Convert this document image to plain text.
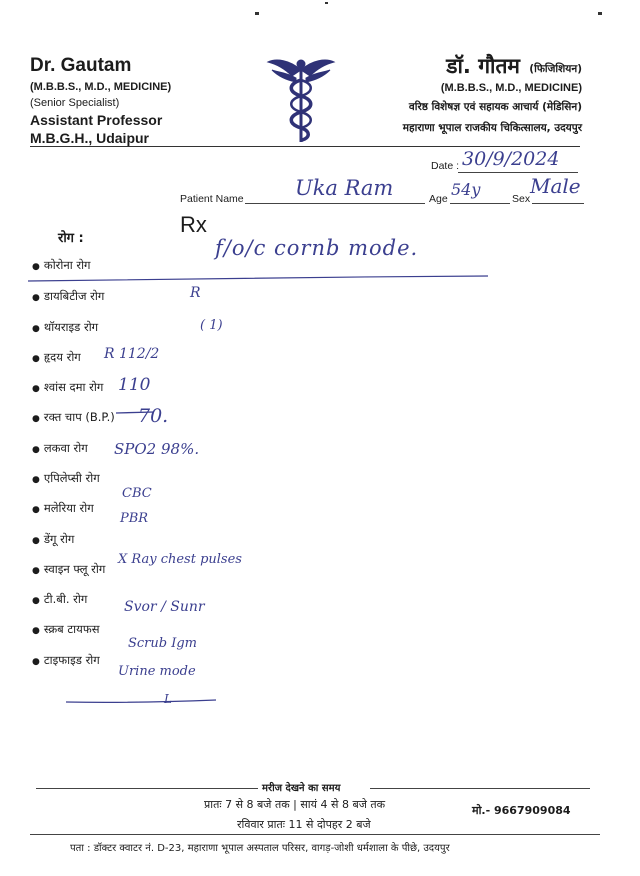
Dr. Gautam
(M.B.B.S., M.D., MEDICINE)
(Senior Specialist)
Assistant Professor
M.B.G.H., Udaipur
डॉ. गौतम (फिजिशियन)
(M.B.B.S., M.D., MEDICINE)
वरिष्ठ विशेषज्ञ एवं सहायक आचार्य (मेडिसिन)
महाराणा भूपाल राजकीय चिकित्सालय, उदयपुर
Date : 30/9/2024
Patient Name Uka Ram	Age 54y	Sex
Male
Rx
रोग :
● कोरोना रोग
● डायबिटीज रोग
● थॉयराइड रोग
● हृदय रोग
● श्वांस दमा रोग
● रक्त चाप (B.P.)
● लकवा रोग
● एपिलेप्सी रोग
● मलेरिया रोग
● डेंगू रोग
● स्वाइन फ्लू रोग
● टी.बी. रोग
● स्क्रब टायफस
● टाइफाइड रोग
f/o/c cornb mode.
R
( 1)
R 112/2
110
70.
SPO2 98%.
CBC
PBR
X Ray chest pulses
Svor / Sunr
Scrub Igm
Urine mode
L
मरीज देखने का समय
प्रातः 7 से 8 बजे तक | सायं 4 से 8 बजे तक	मो.- 9667909084
रविवार प्रातः 11 से दोपहर 2 बजे
पता : डॉक्टर क्वाटर नं. D-23, महाराणा भूपाल अस्पताल परिसर, वागड़-जोशी धर्मशाला के पीछे, उदयपुर
